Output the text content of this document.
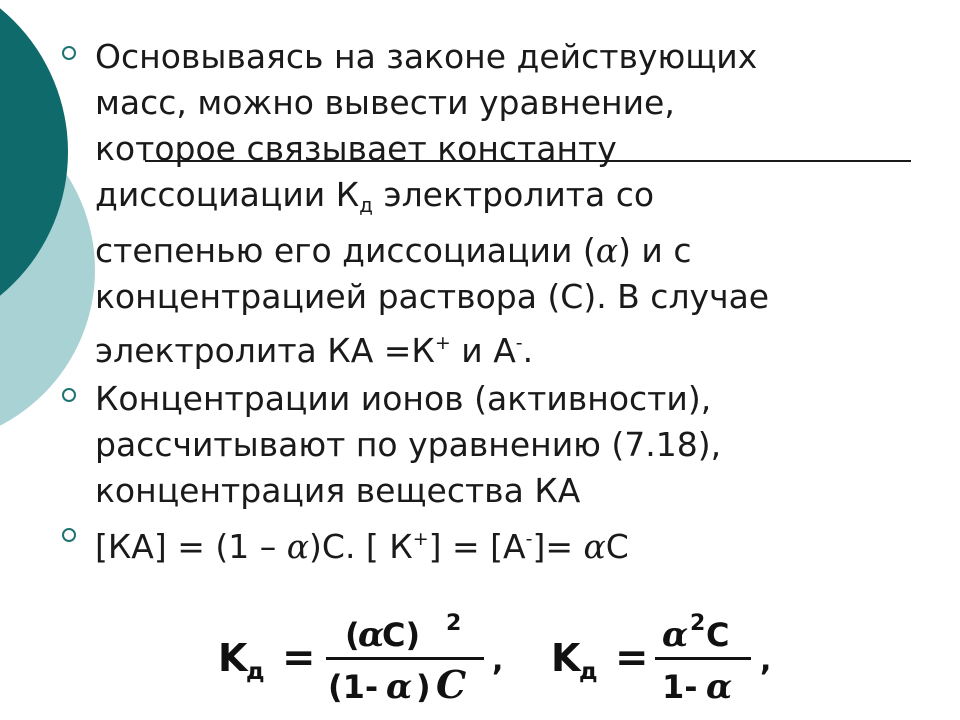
Основываясь на законе действующих
масс, можно вывести уравнение,
которое связывает константу
диссоциации $К_д$ электролита со
степенью его диссоциации (α) и с
концентрацией раствора (С). В случае
электролита КА =К+ и А-.
Концентрации ионов (активности),
рассчитывают по уравнению (7.18),
концентрация вещества КА
[КА] = (1 – α)С. [ К+] = [А-]= αС
K
д = (
α
C) 2
(1- α ) C
, K
д = α 2 C
1- α
,
